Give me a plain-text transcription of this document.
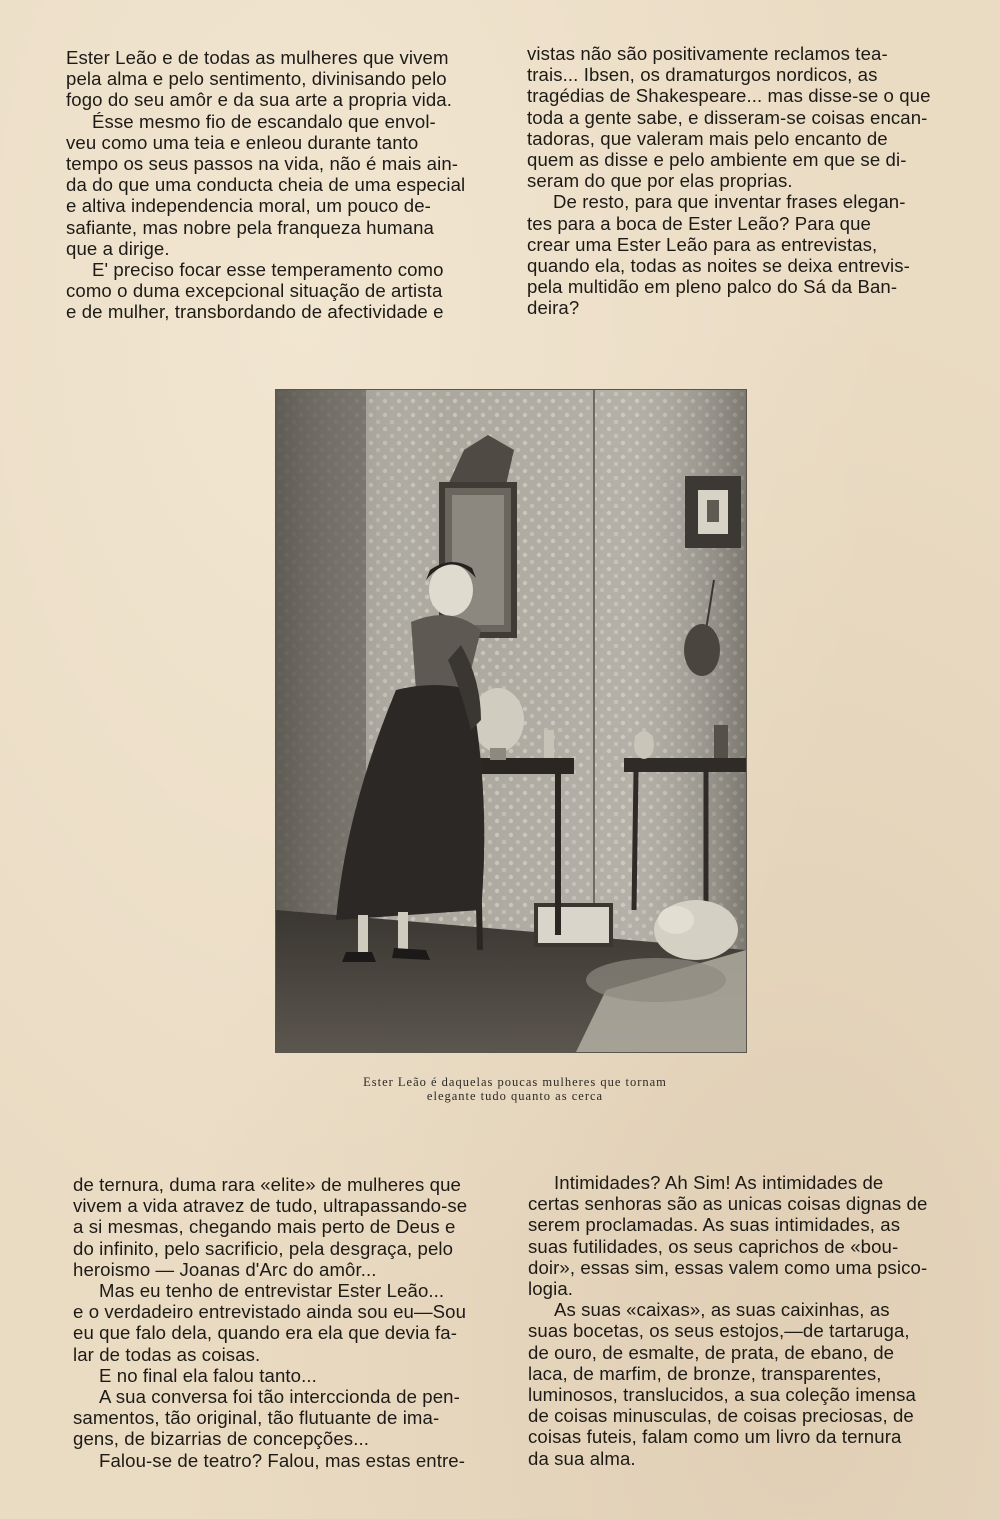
Ester Leão e de todas as mulheres que vivem
pela alma e pelo sentimento, divinisando pelo
fogo do seu amôr e da sua arte a propria vida.

Ésse mesmo fio de escandalo que envol-
veu como uma teia e enleou durante tanto
tempo os seus passos na vida, não é mais ain-
da do que uma conducta cheia de uma especial
e altiva independencia moral, um pouco de-
safiante, mas nobre pela franqueza humana
que a dirige.

E' preciso focar esse temperamento como
como o duma excepcional situação de artista
e de mulher, transbordando de afectividade e

vistas não são positivamente reclamos tea-
trais... Ibsen, os dramaturgos nordicos, as
tragédias de Shakespeare... mas disse-se o que
toda a gente sabe, e disseram-se coisas encan-
tadoras, que valeram mais pelo encanto de
quem as disse e pelo ambiente em que se di-
seram do que por elas proprias.

De resto, para que inventar frases elegan-
tes para a boca de Ester Leão? Para que
crear uma Ester Leão para as entrevistas,
quando ela, todas as noites se deixa entrevis-
pela multidão em pleno palco do Sá da Ban-
deira?

Ester Leão é daquelas poucas mulheres que tornam
elegante tudo quanto as cerca

de ternura, duma rara «elite» de mulheres que
vivem a vida atravez de tudo, ultrapassando-se
a si mesmas, chegando mais perto de Deus e
do infinito, pelo sacrificio, pela desgraça, pelo
heroismo — Joanas d'Arc do amôr...

Mas eu tenho de entrevistar Ester Leão...
e o verdadeiro entrevistado ainda sou eu—Sou
eu que falo dela, quando era ela que devia fa-
lar de todas as coisas.

E no final ela falou tanto...

A sua conversa foi tão interccionda de pen-
samentos, tão original, tão flutuante de ima-
gens, de bizarrias de concepções...

Falou-se de teatro? Falou, mas estas entre-

Intimidades? Ah Sim! As intimidades de
certas senhoras são as unicas coisas dignas de
serem proclamadas. As suas intimidades, as
suas futilidades, os seus caprichos de «bou-
doir», essas sim, essas valem como uma psico-
logia.

As suas «caixas», as suas caixinhas, as
suas bocetas, os seus estojos,—de tartaruga,
de ouro, de esmalte, de prata, de ebano, de
laca, de marfim, de bronze, transparentes,
luminosos, translucidos, a sua coleção imensa
de coisas minusculas, de coisas preciosas, de
coisas futeis, falam como um livro da ternura
da sua alma.
